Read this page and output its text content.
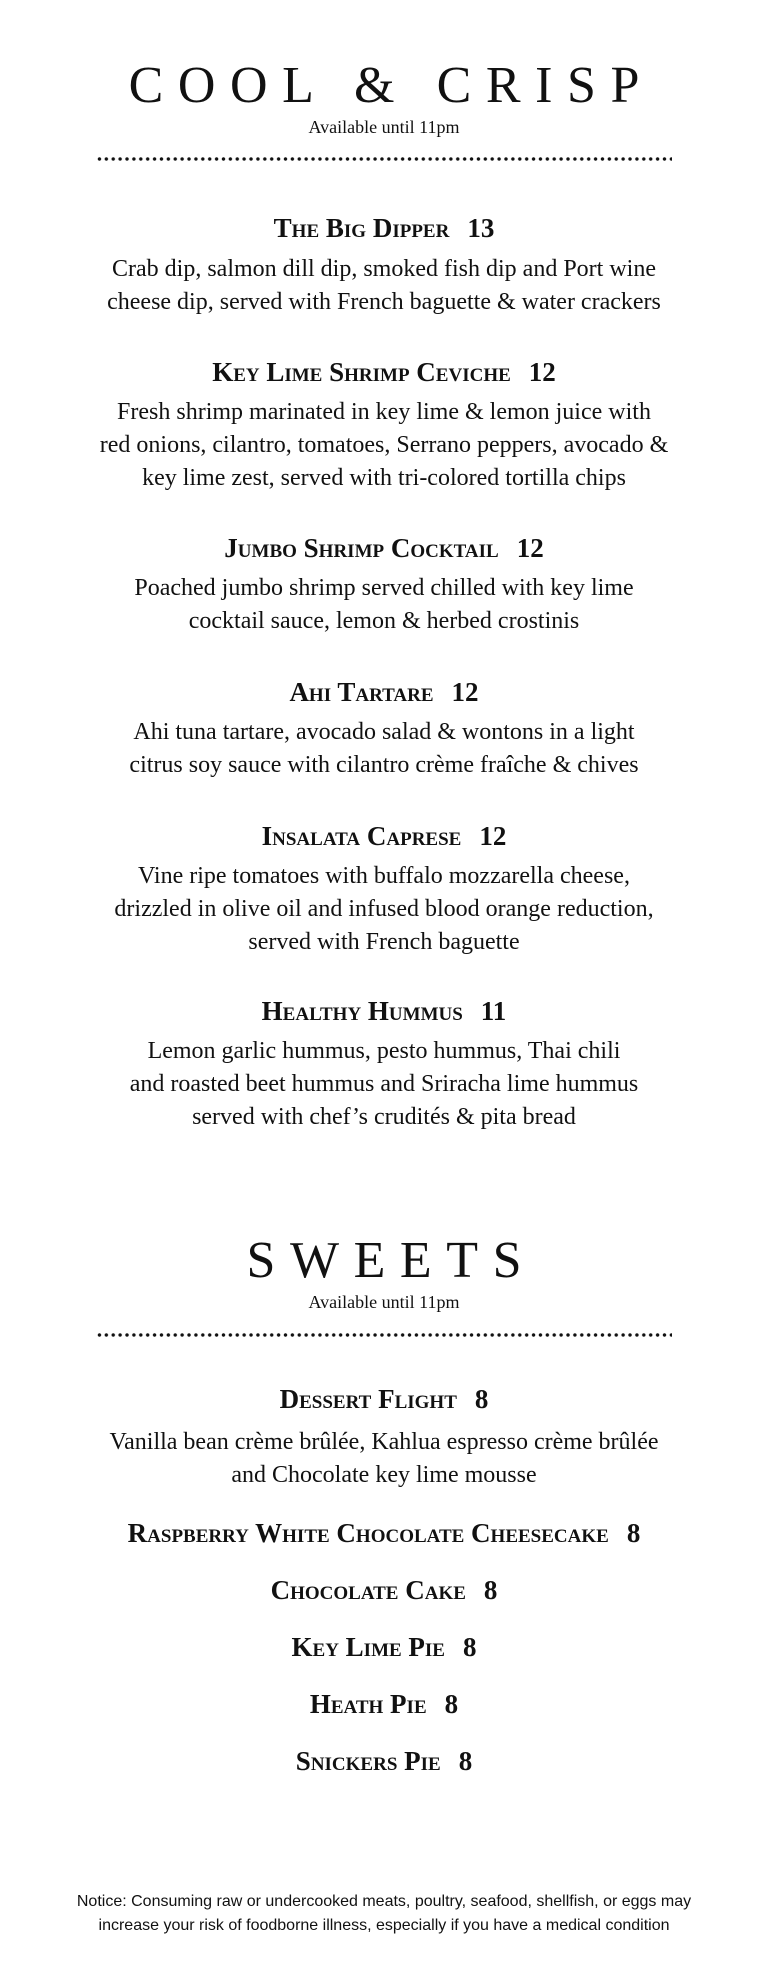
COOL & CRISP
Available until 11pm
The Big Dipper 13
Crab dip, salmon dill dip, smoked fish dip and Port wine
cheese dip, served with French baguette & water crackers
Key Lime Shrimp Ceviche 12
Fresh shrimp marinated in key lime & lemon juice with
red onions, cilantro, tomatoes, Serrano peppers, avocado &
key lime zest, served with tri-colored tortilla chips
Jumbo Shrimp Cocktail 12
Poached jumbo shrimp served chilled with key lime
cocktail sauce, lemon & herbed crostinis
Ahi Tartare 12
Ahi tuna tartare, avocado salad & wontons in a light
citrus soy sauce with cilantro crème fraîche & chives
Insalata Caprese 12
Vine ripe tomatoes with buffalo mozzarella cheese,
drizzled in olive oil and infused blood orange reduction,
served with French baguette
Healthy Hummus 11
Lemon garlic hummus, pesto hummus, Thai chili
and roasted beet hummus and Sriracha lime hummus
served with chef’s crudités & pita bread
SWEETS
Available until 11pm
Dessert Flight 8
Vanilla bean crème brûlée, Kahlua espresso crème brûlée
and Chocolate key lime mousse
Raspberry White Chocolate Cheesecake 8
Chocolate Cake 8
Key Lime Pie 8
Heath Pie 8
Snickers Pie 8
Notice: Consuming raw or undercooked meats, poultry, seafood, shellfish, or eggs may
increase your risk of foodborne illness, especially if you have a medical condition
